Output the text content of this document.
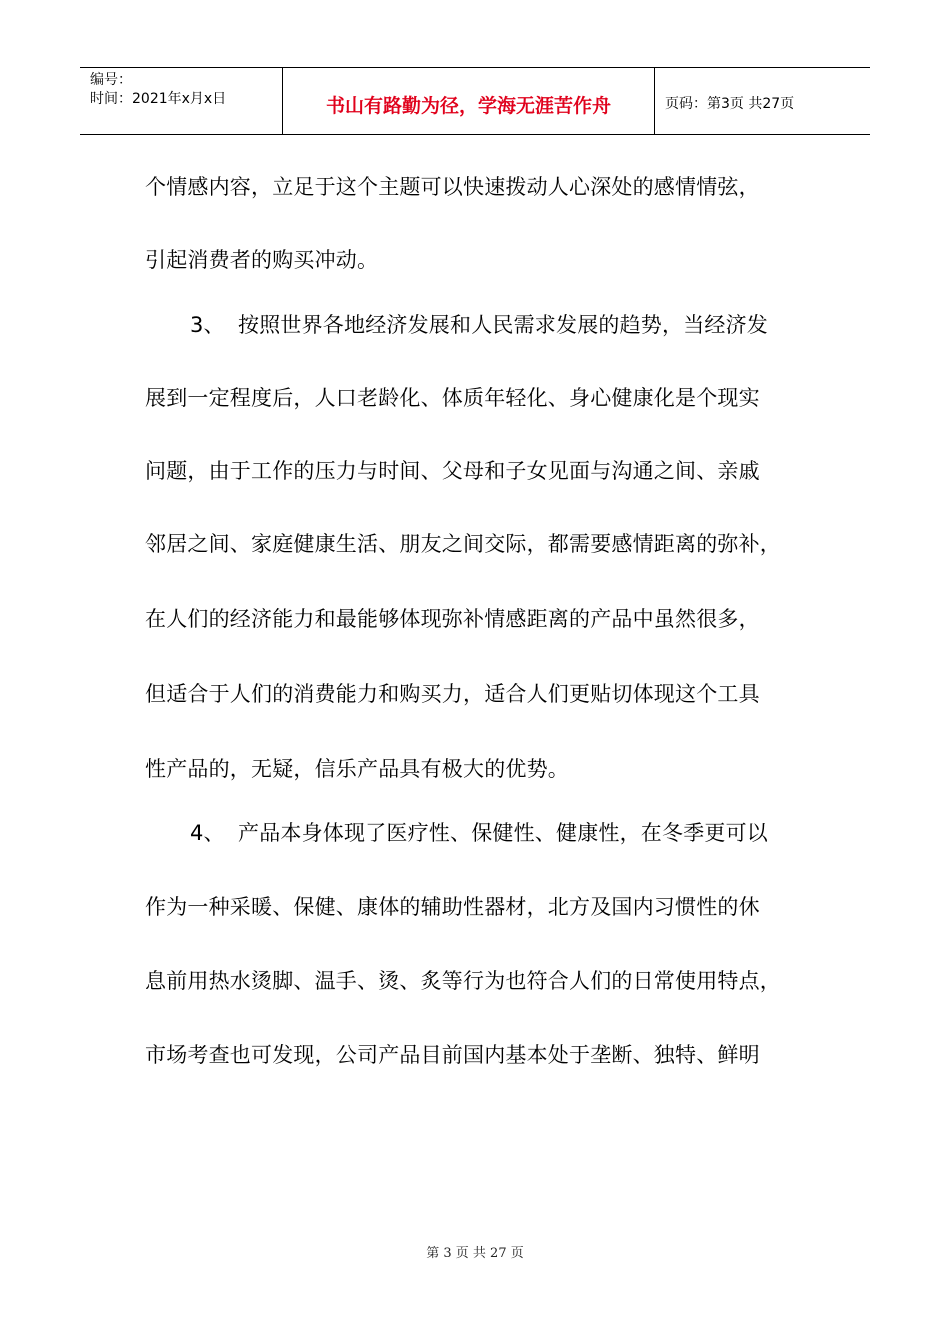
编号：
时间：2021年x月x日	书山有路勤为径，学海无涯苦作舟	页码：第3页 共27页
个情感内容，立足于这个主题可以快速拨动人心深处的感情情弦，
引起消费者的购买冲动。
3、 按照世界各地经济发展和人民需求发展的趋势，当经济发
展到一定程度后，人口老龄化、体质年轻化、身心健康化是个现实
问题，由于工作的压力与时间、父母和子女见面与沟通之间、亲戚
邻居之间、家庭健康生活、朋友之间交际，都需要感情距离的弥补，
在人们的经济能力和最能够体现弥补情感距离的产品中虽然很多，
但适合于人们的消费能力和购买力，适合人们更贴切体现这个工具
性产品的，无疑，信乐产品具有极大的优势。
4、 产品本身体现了医疗性、保健性、健康性，在冬季更可以
作为一种采暖、保健、康体的辅助性器材，北方及国内习惯性的休
息前用热水烫脚、温手、烫、炙等行为也符合人们的日常使用特点，
市场考查也可发现，公司产品目前国内基本处于垄断、独特、鲜明
第 3 页 共 27 页
